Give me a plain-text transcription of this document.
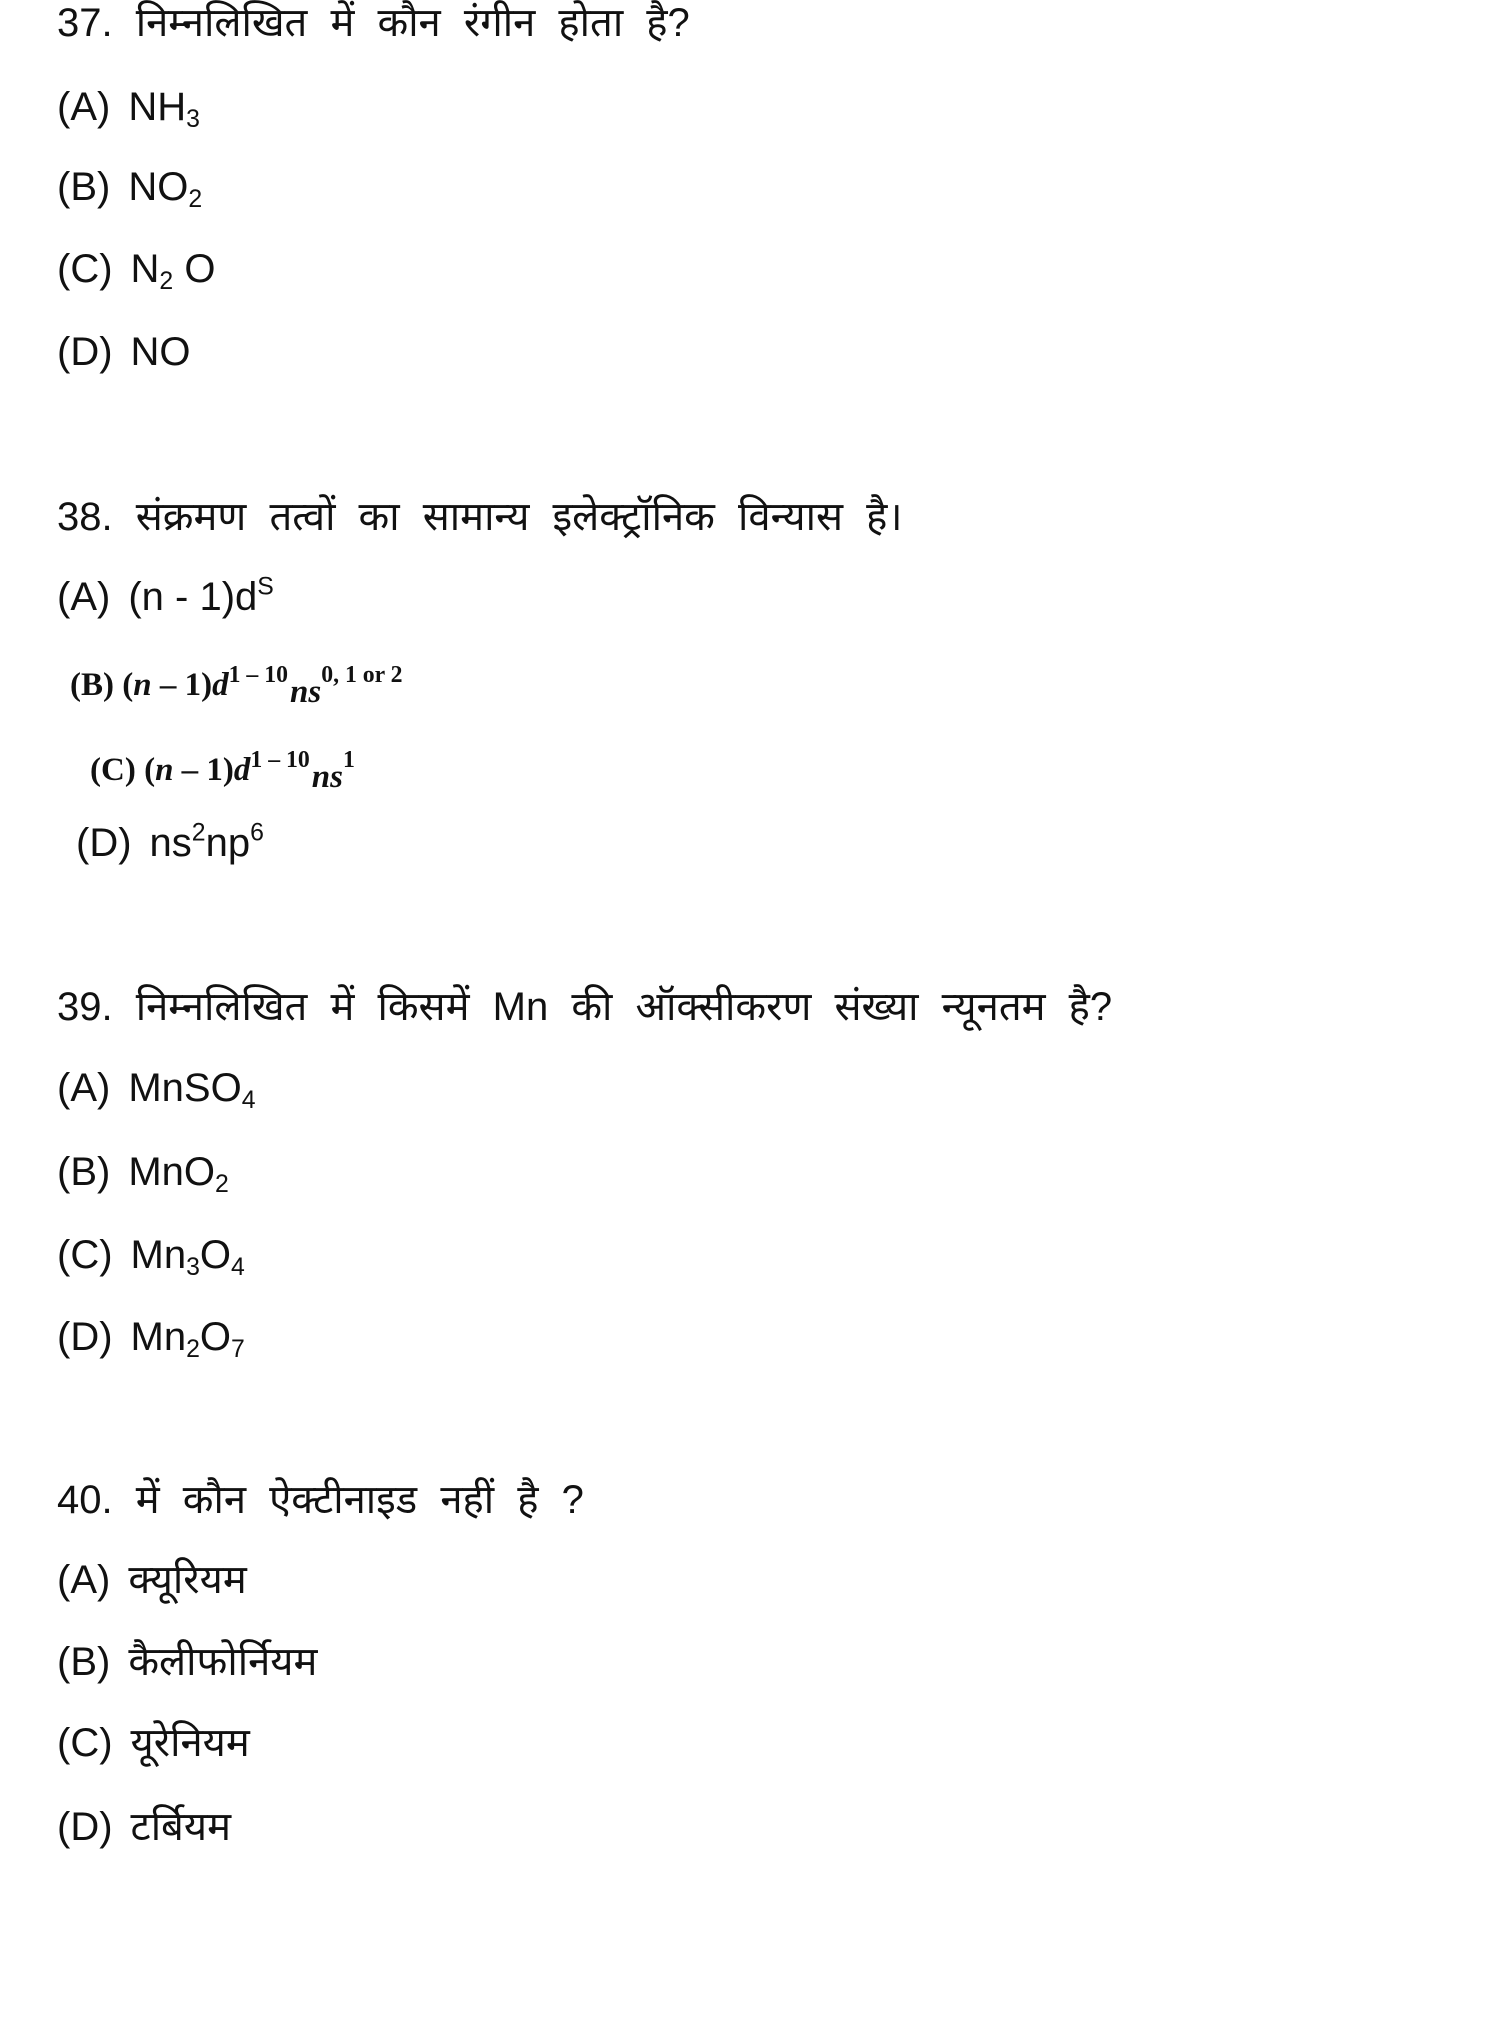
37. निम्नलिखित में कौन रंगीन होता है?
(A) $NH_3$
(B) $NO_2$
(C) $N_2$ O
(D) NO
38. संक्रमण तत्वों का सामान्य इलेक्ट्रॉनिक विन्यास है।
(A) $(n - 1)d^S$
(B) $(n - 1)d^{1 - 10}ns^{0, 1 or 2}$
(C) $(n - 1)d^{1 - 10}ns^1$
(D) $ns^2np^6$
39. निम्नलिखित में किसमें Mn की ऑक्सीकरण संख्या न्यूनतम है?
(A) MnSO$_4$
(B) MnO$_2$
(C) $Mn_3O_4$
(D) $Mn_2O_7$
40. में कौन ऐक्टीनाइड नहीं है ?
(A) क्यूरियम
(B) कैलीफोर्नियम
(C) यूरेनियम
(D) टर्बियम
